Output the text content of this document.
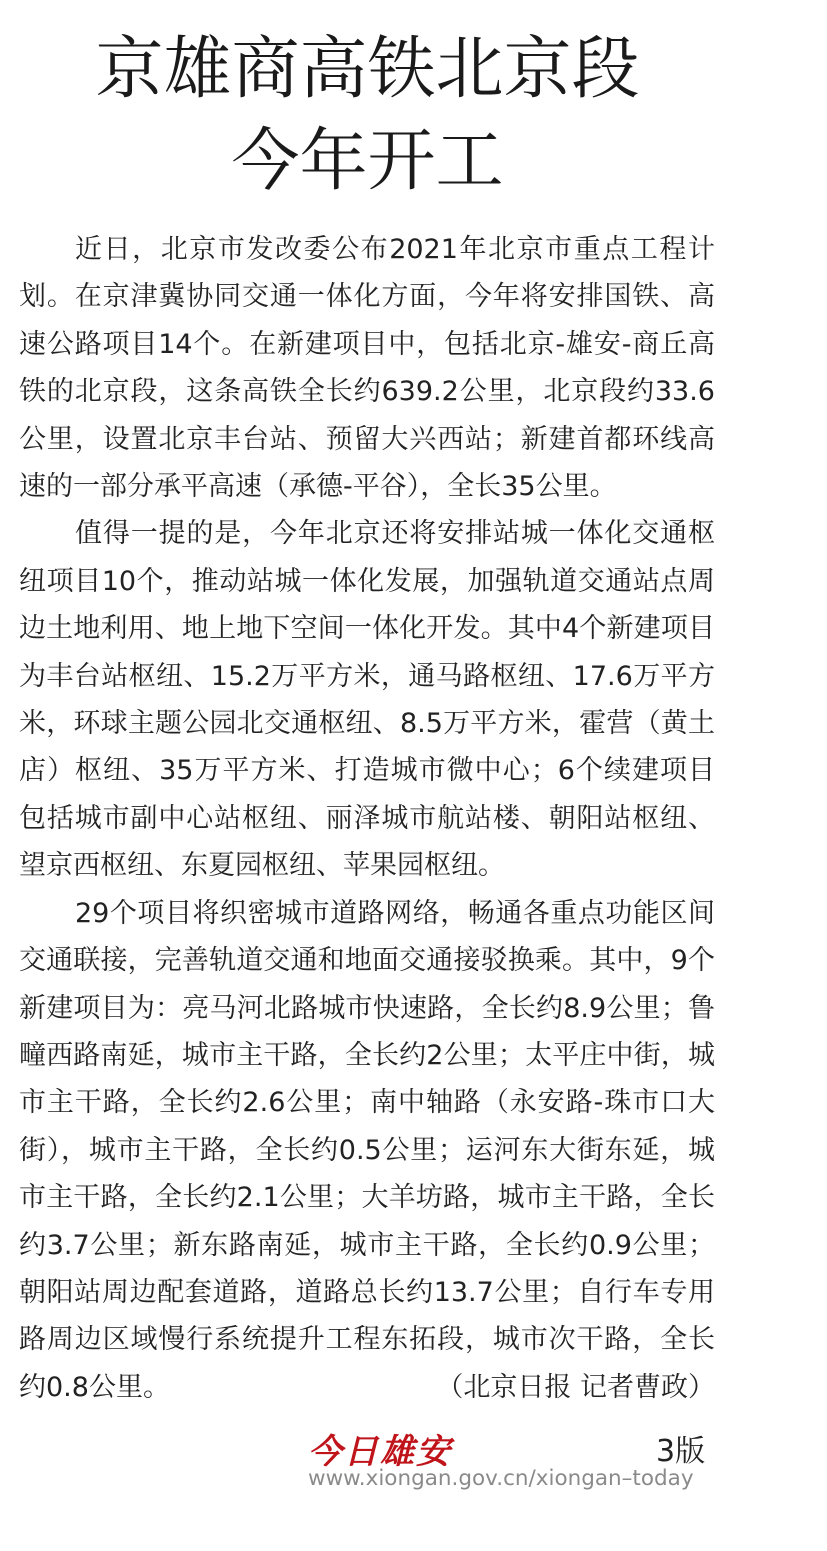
京雄商高铁北京段
今年开工

近日，北京市发改委公布2021年北京市重点工程计划。在京津冀协同交通一体化方面，今年将安排国铁、高速公路项目14个。在新建项目中，包括北京-雄安-商丘高铁的北京段，这条高铁全长约639.2公里，北京段约33.6公里，设置北京丰台站、预留大兴西站；新建首都环线高速的一部分承平高速（承德-平谷），全长35公里。

值得一提的是，今年北京还将安排站城一体化交通枢纽项目10个，推动站城一体化发展，加强轨道交通站点周边土地利用、地上地下空间一体化开发。其中4个新建项目为丰台站枢纽、15.2万平方米，通马路枢纽、17.6万平方米，环球主题公园北交通枢纽、8.5万平方米，霍营（黄土店）枢纽、35万平方米、打造城市微中心；6个续建项目包括城市副中心站枢纽、丽泽城市航站楼、朝阳站枢纽、望京西枢纽、东夏园枢纽、苹果园枢纽。

29个项目将织密城市道路网络，畅通各重点功能区间交通联接，完善轨道交通和地面交通接驳换乘。其中，9个新建项目为：亮马河北路城市快速路，全长约8.9公里；鲁疃西路南延，城市主干路，全长约2公里；太平庄中街，城市主干路，全长约2.6公里；南中轴路（永安路-珠市口大街），城市主干路，全长约0.5公里；运河东大街东延，城市主干路，全长约2.1公里；大羊坊路，城市主干路，全长约3.7公里；新东路南延，城市主干路，全长约0.9公里；朝阳站周边配套道路，道路总长约13.7公里；自行车专用路周边区域慢行系统提升工程东拓段，城市次干路，全长约0.8公里。	（北京日报 记者曹政）

今日雄安	3版
www.xiongan.gov.cn/xiongan–today
